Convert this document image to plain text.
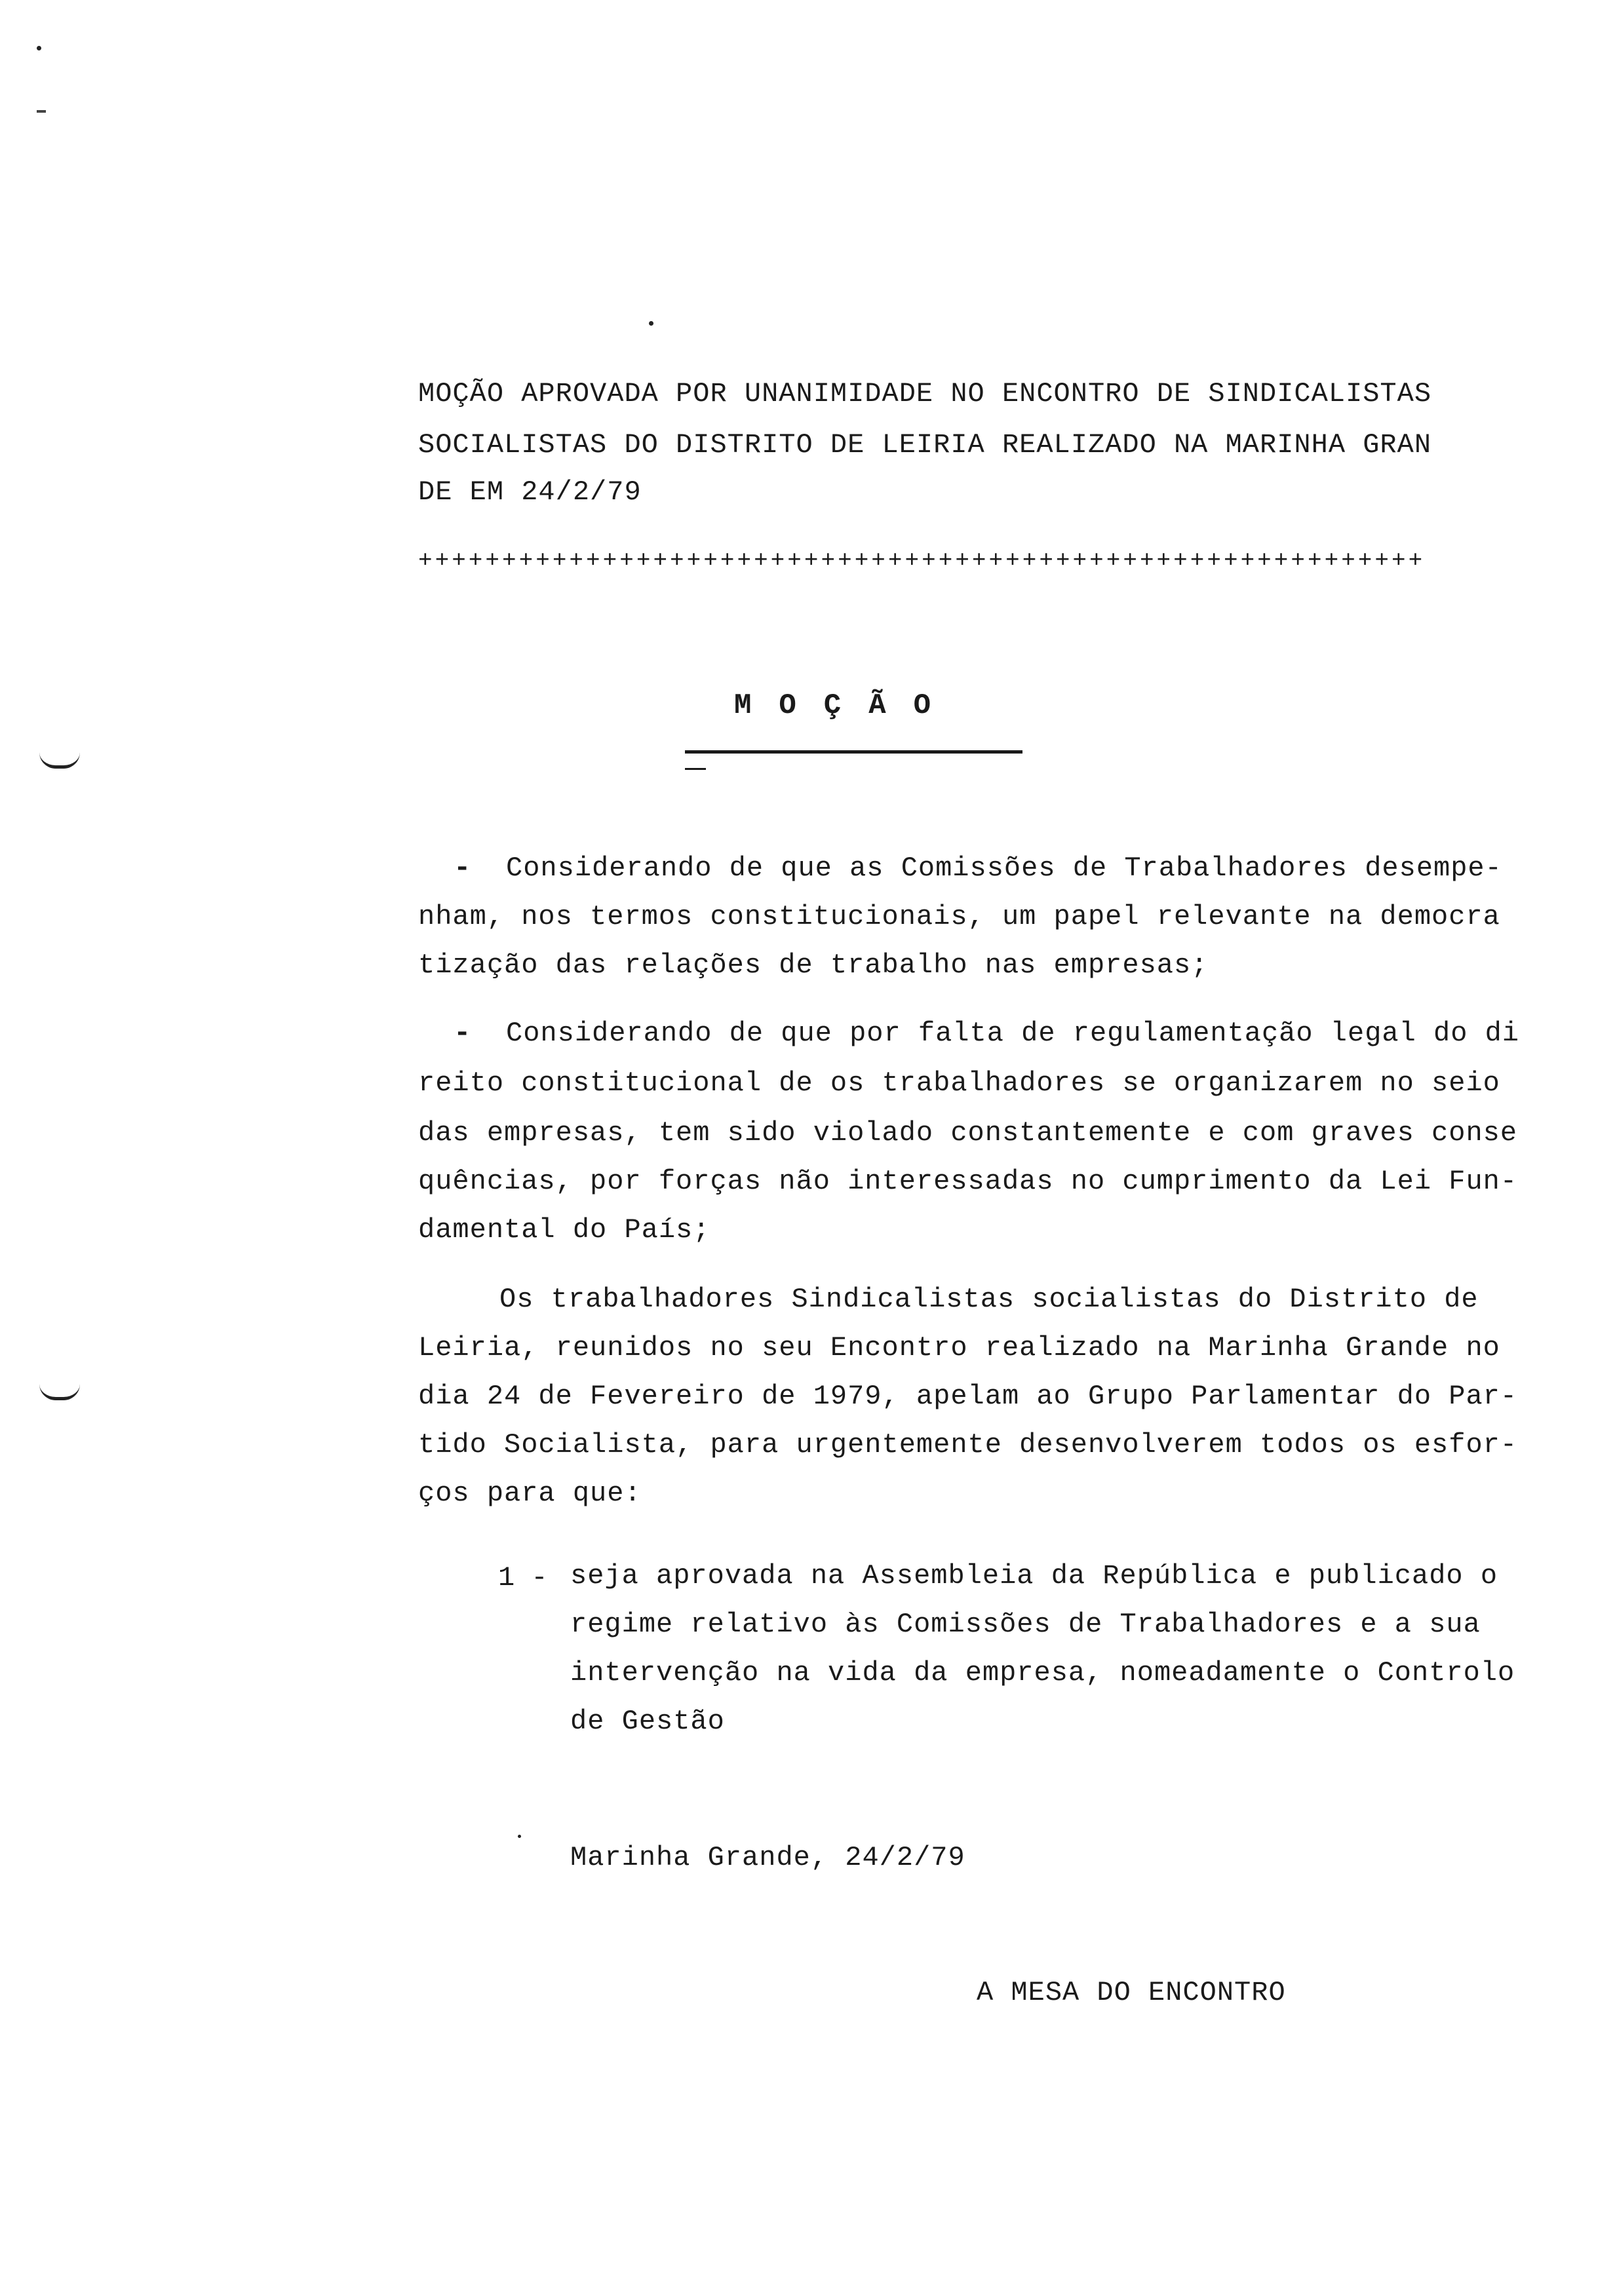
MOÇÃO APROVADA POR UNANIMIDADE NO ENCONTRO DE SINDICALISTAS
SOCIALISTAS DO DISTRITO DE LEIRIA REALIZADO NA MARINHA GRAN
DE EM 24/2/79
++++++++++++++++++++++++++++++++++++++++++++++++++++++++++++
MOÇÃO
- Considerando de que as Comissões de Trabalhadores desempe-
nham, nos termos constitucionais, um papel relevante na democra
tização das relações de trabalho nas empresas;
- Considerando de que por falta de regulamentação legal do di
reito constitucional de os trabalhadores se organizarem no seio
das empresas, tem sido violado constantemente e com graves conse
quências, por forças não interessadas no cumprimento da Lei Fun-
damental do País;
Os trabalhadores Sindicalistas socialistas do Distrito de
Leiria, reunidos no seu Encontro realizado na Marinha Grande no
dia 24 de Fevereiro de 1979, apelam ao Grupo Parlamentar do Par-
tido Socialista, para urgentemente desenvolverem todos os esfor-
ços para que:
1 - seja aprovada na Assembleia da República e publicado o
regime relativo às Comissões de Trabalhadores e a sua
intervenção na vida da empresa, nomeadamente o Controlo
de Gestão
Marinha Grande, 24/2/79
A MESA DO ENCONTRO
